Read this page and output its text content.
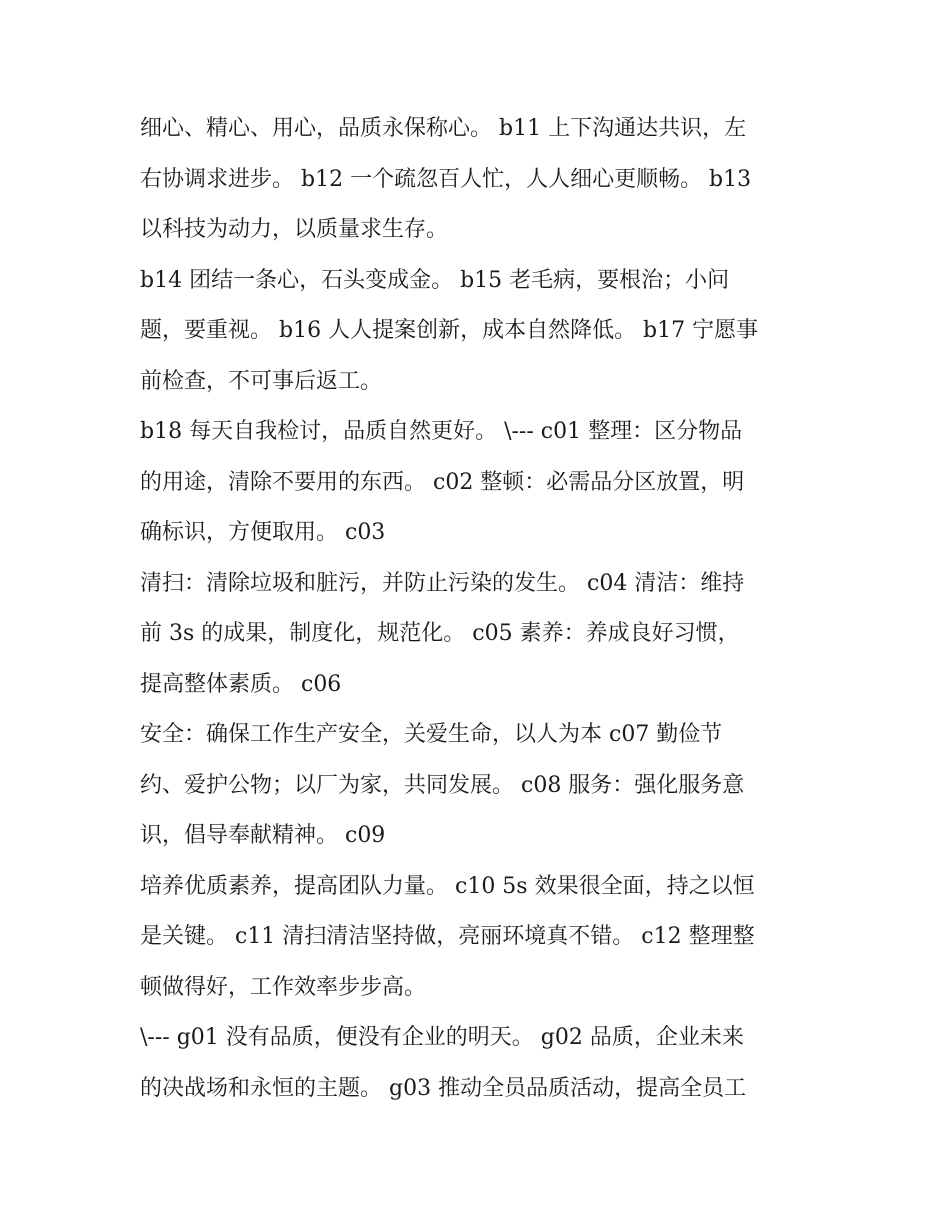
细心、精心、用心，品质永保称心。 b11 上下沟通达共识，左
右协调求进步。 b12 一个疏忽百人忙，人人细心更顺畅。 b13
以科技为动力，以质量求生存。
b14 团结一条心，石头变成金。 b15 老毛病，要根治；小问
题，要重视。 b16 人人提案创新，成本自然降低。 b17 宁愿事
前检查，不可事后返工。
b18 每天自我检讨，品质自然更好。 \--- c01 整理：区分物品
的用途，清除不要用的东西。 c02 整顿：必需品分区放置，明
确标识，方便取用。 c03
清扫：清除垃圾和脏污，并防止污染的发生。 c04 清洁：维持
前 3s 的成果，制度化，规范化。 c05 素养：养成良好习惯，
提高整体素质。 c06
安全：确保工作生产安全，关爱生命，以人为本 c07 勤俭节
约、爱护公物；以厂为家，共同发展。 c08 服务：强化服务意
识，倡导奉献精神。 c09
培养优质素养，提高团队力量。 c10 5s 效果很全面，持之以恒
是关键。 c11 清扫清洁坚持做，亮丽环境真不错。 c12 整理整
顿做得好，工作效率步步高。
\--- g01 没有品质，便没有企业的明天。 g02 品质，企业未来
的决战场和永恒的主题。 g03 推动全员品质活动，提高全员工
